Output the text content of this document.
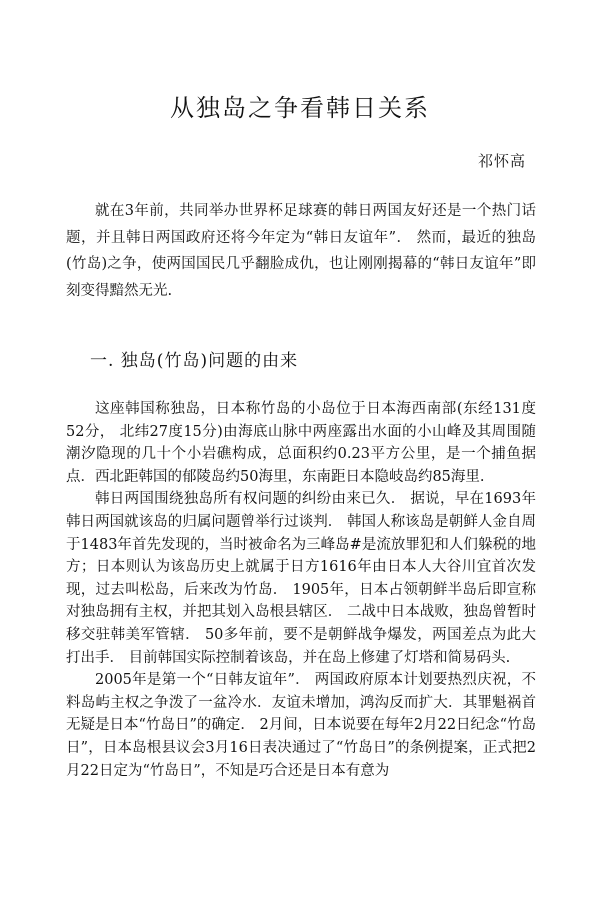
从独岛之争看韩日关系
祁怀高

就在3年前，共同举办世界杯足球赛的韩日两国友好还是一个热门话题，并且韩日两国政府还将今年定为“韩日友谊年”． 然而，最近的独岛(竹岛)之争，使两国国民几乎翻脸成仇，也让刚刚揭幕的“韩日友谊年”即刻变得黯然无光.

一. 独岛(竹岛)问题的由来

这座韩国称独岛，日本称竹岛的小岛位于日本海西南部(东经131度52分， 北纬27度15分)由海底山脉中两座露出水面的小山峰及其周围随潮汐隐现的几十个小岩礁构成，总面积约0.23平方公里，是一个捕鱼据点．西北距韩国的郁陵岛约50海里，东南距日本隐岐岛约85海里.

韩日两国围绕独岛所有权问题的纠纷由来已久． 据说，早在1693年韩日两国就该岛的归属问题曾举行过谈判． 韩国人称该岛是朝鲜人金自周于1483年首先发现的，当时被命名为三峰岛#是流放罪犯和人们躲税的地方；日本则认为该岛历史上就属于日方1616年由日本人大谷川宜首次发现，过去叫松岛，后来改为竹岛． 1905年，日本占领朝鲜半岛后即宣称对独岛拥有主权，并把其划入岛根县辖区． 二战中日本战败，独岛曾暂时移交驻韩美军管辖． 50多年前，要不是朝鲜战争爆发，两国差点为此大打出手． 目前韩国实际控制着该岛，并在岛上修建了灯塔和简易码头.

2005年是第一个“日韩友谊年”． 两国政府原本计划要热烈庆祝，不料岛屿主权之争泼了一盆冷水．友谊未增加，鸿沟反而扩大．其罪魁祸首无疑是日本“竹岛日”的确定． 2月间，日本说要在每年2月22日纪念“竹岛日”，日本岛根县议会3月16日表决通过了“竹岛日”的条例提案，正式把2月22日定为“竹岛日”，不知是巧合还是日本有意为
